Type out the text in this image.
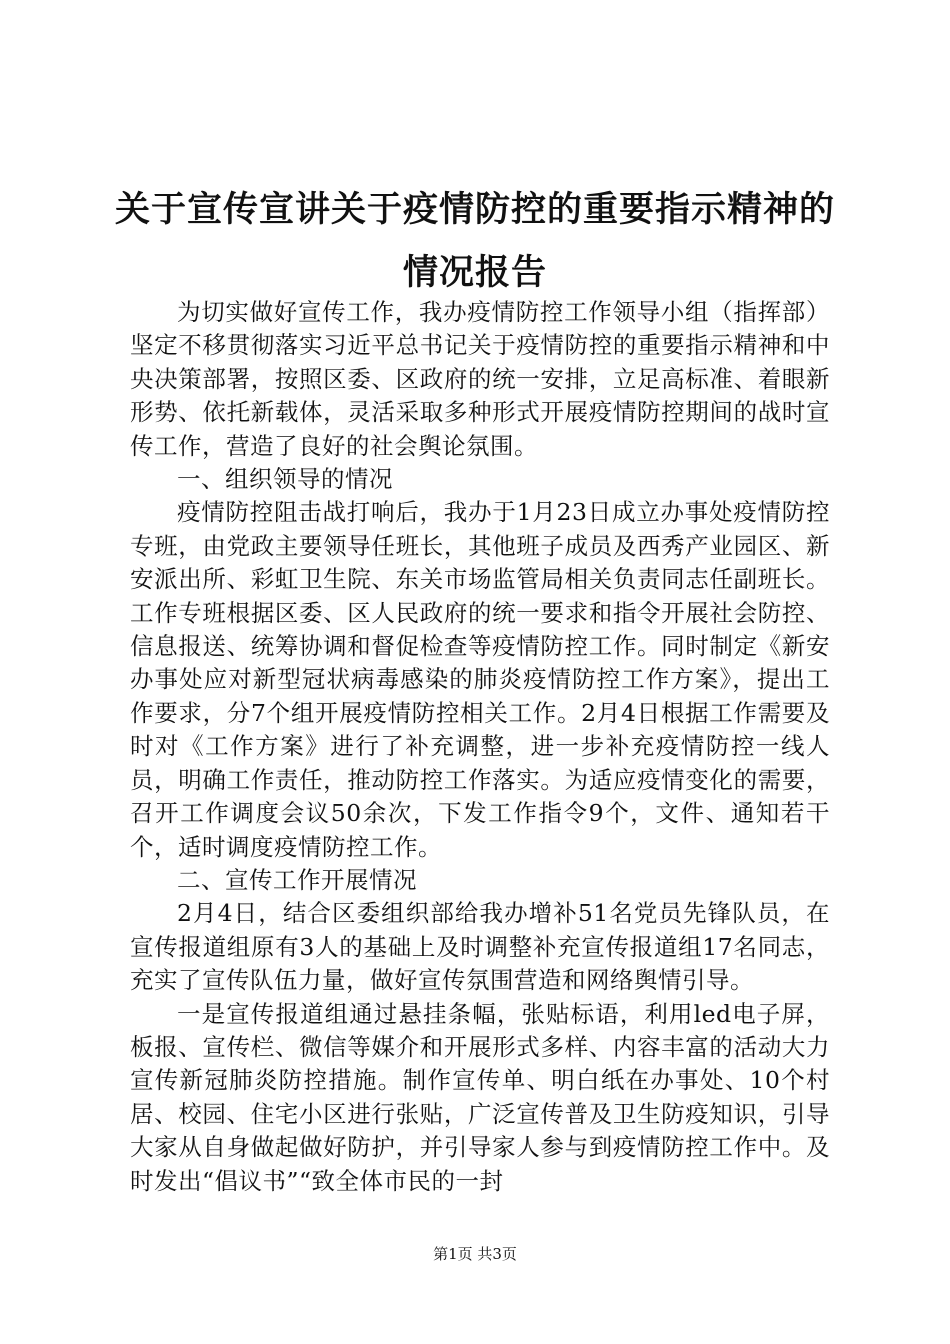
关于宣传宣讲关于疫情防控的重要指示精神的
情况报告

为切实做好宣传工作，我办疫情防控工作领导小组（指挥部）坚定不移贯彻落实习近平总书记关于疫情防控的重要指示精神和中央决策部署，按照区委、区政府的统一安排，立足高标准、着眼新形势、依托新载体，灵活采取多种形式开展疫情防控期间的战时宣传工作，营造了良好的社会舆论氛围。

一、组织领导的情况

疫情防控阻击战打响后，我办于1月23日成立办事处疫情防控专班，由党政主要领导任班长，其他班子成员及西秀产业园区、新安派出所、彩虹卫生院、东关市场监管局相关负责同志任副班长。工作专班根据区委、区人民政府的统一要求和指令开展社会防控、信息报送、统筹协调和督促检查等疫情防控工作。同时制定《新安办事处应对新型冠状病毒感染的肺炎疫情防控工作方案》，提出工作要求，分7个组开展疫情防控相关工作。2月4日根据工作需要及时对《工作方案》进行了补充调整，进一步补充疫情防控一线人员，明确工作责任，推动防控工作落实。为适应疫情变化的需要，召开工作调度会议50余次，下发工作指令9个，文件、通知若干个，适时调度疫情防控工作。

二、宣传工作开展情况

2月4日，结合区委组织部给我办增补51名党员先锋队员，在宣传报道组原有3人的基础上及时调整补充宣传报道组17名同志，充实了宣传队伍力量，做好宣传氛围营造和网络舆情引导。

一是宣传报道组通过悬挂条幅，张贴标语，利用led电子屏，板报、宣传栏、微信等媒介和开展形式多样、内容丰富的活动大力宣传新冠肺炎防控措施。制作宣传单、明白纸在办事处、10个村居、校园、住宅小区进行张贴，广泛宣传普及卫生防疫知识，引导大家从自身做起做好防护，并引导家人参与到疫情防控工作中。及时发出“倡议书”“致全体市民的一封

第1页 共3页
